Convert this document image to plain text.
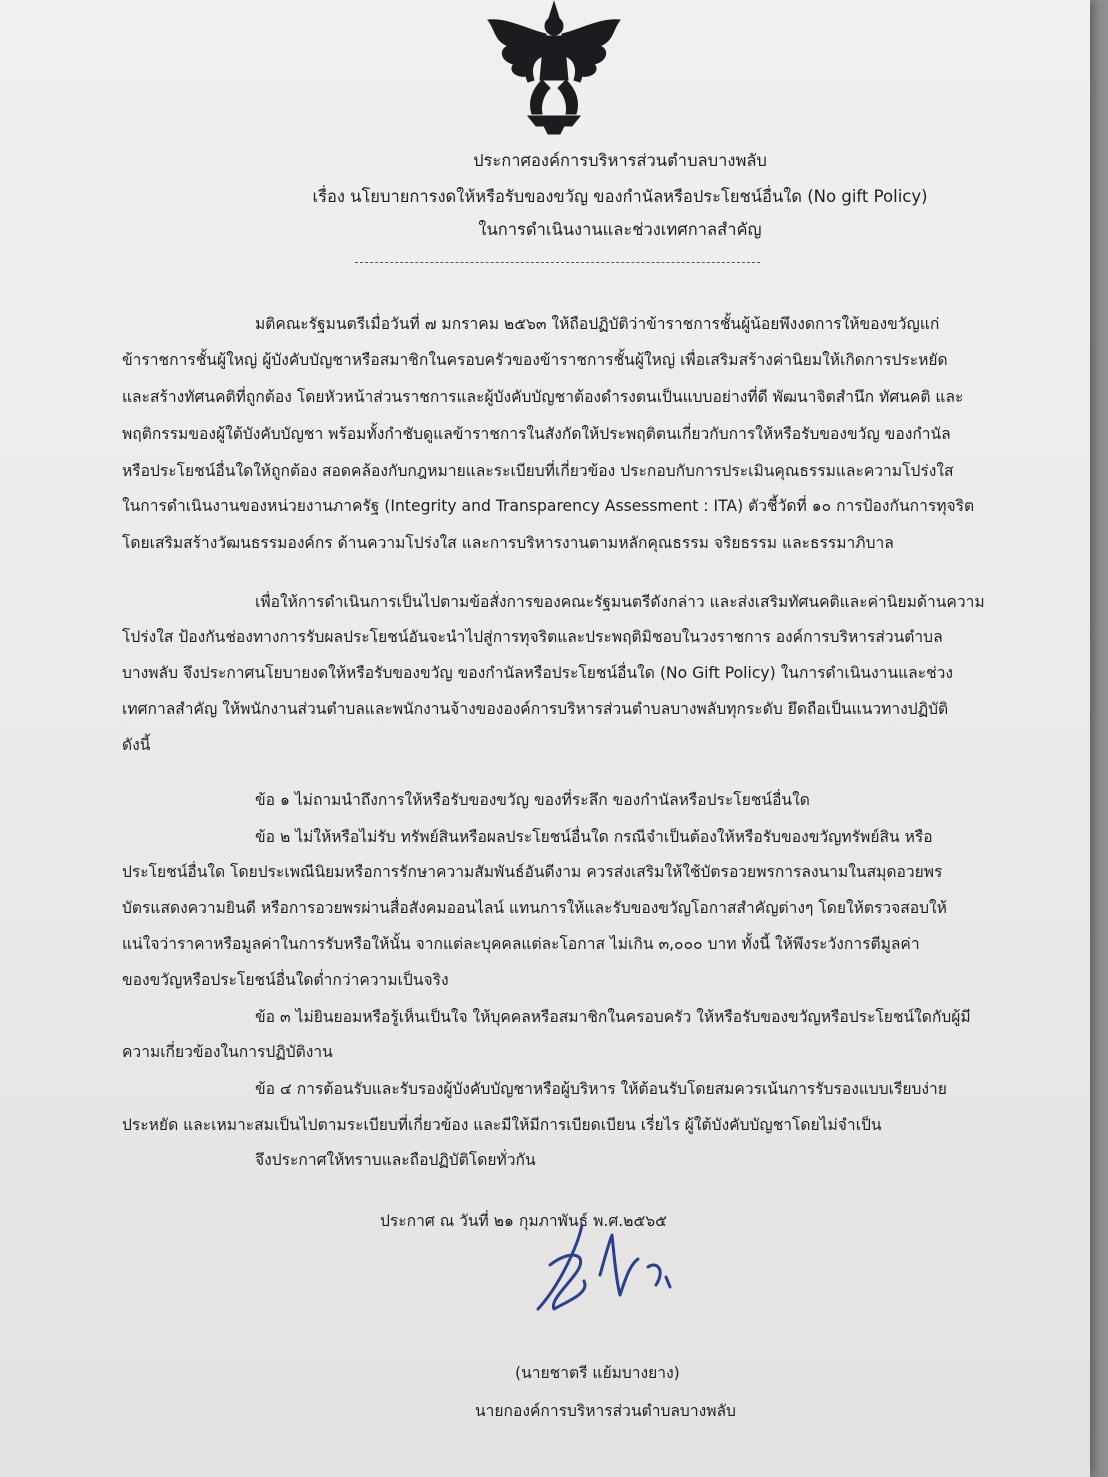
ประกาศองค์การบริหารส่วนตำบลบางพลับ
เรื่อง นโยบายการงดให้หรือรับของขวัญ ของกำนัลหรือประโยชน์อื่นใด (No gift Policy)
ในการดำเนินงานและช่วงเทศกาลสำคัญ
มติคณะรัฐมนตรีเมื่อวันที่ ๗ มกราคม ๒๕๖๓ ให้ถือปฏิบัติว่าข้าราชการชั้นผู้น้อยพึงงดการให้ของขวัญแก่
ข้าราชการชั้นผู้ใหญ่ ผู้บังคับบัญชาหรือสมาชิกในครอบครัวของข้าราชการชั้นผู้ใหญ่ เพื่อเสริมสร้างค่านิยมให้เกิดการประหยัด
และสร้างทัศนคติที่ถูกต้อง โดยหัวหน้าส่วนราชการและผู้บังคับบัญชาต้องดำรงตนเป็นแบบอย่างที่ดี พัฒนาจิตสำนึก ทัศนคติ และ
พฤติกรรมของผู้ใต้บังคับบัญชา พร้อมทั้งกำชับดูแลข้าราชการในสังกัดให้ประพฤติตนเกี่ยวกับการให้หรือรับของขวัญ ของกำนัล
หรือประโยชน์อื่นใดให้ถูกต้อง สอดคล้องกับกฎหมายและระเบียบที่เกี่ยวข้อง ประกอบกับการประเมินคุณธรรมและความโปร่งใส
ในการดำเนินงานของหน่วยงานภาครัฐ (Integrity and Transparency Assessment : ITA) ตัวชี้วัดที่ ๑๐ การป้องกันการทุจริต
โดยเสริมสร้างวัฒนธรรมองค์กร ด้านความโปร่งใส และการบริหารงานตามหลักคุณธรรม จริยธรรม และธรรมาภิบาล
เพื่อให้การดำเนินการเป็นไปตามข้อสั่งการของคณะรัฐมนตรีดังกล่าว และส่งเสริมทัศนคติและค่านิยมด้านความ
โปร่งใส ป้องกันช่องทางการรับผลประโยชน์อันจะนำไปสู่การทุจริตและประพฤติมิชอบในวงราชการ องค์การบริหารส่วนตำบล
บางพลับ จึงประกาศนโยบายงดให้หรือรับของขวัญ ของกำนัลหรือประโยชน์อื่นใด (No Gift Policy) ในการดำเนินงานและช่วง
เทศกาลสำคัญ ให้พนักงานส่วนตำบลและพนักงานจ้างขององค์การบริหารส่วนตำบลบางพลับทุกระดับ ยึดถือเป็นแนวทางปฏิบัติ
ดังนี้
ข้อ ๑ ไม่ถามนำถึงการให้หรือรับของขวัญ ของที่ระลึก ของกำนัลหรือประโยชน์อื่นใด
ข้อ ๒ ไม่ให้หรือไม่รับ ทรัพย์สินหรือผลประโยชน์อื่นใด กรณีจำเป็นต้องให้หรือรับของขวัญทรัพย์สิน หรือ
ประโยชน์อื่นใด โดยประเพณีนิยมหรือการรักษาความสัมพันธ์อันดีงาม ควรส่งเสริมให้ใช้บัตรอวยพรการลงนามในสมุดอวยพร
บัตรแสดงความยินดี หรือการอวยพรผ่านสื่อสังคมออนไลน์ แทนการให้และรับของขวัญโอกาสสำคัญต่างๆ โดยให้ตรวจสอบให้
แน่ใจว่าราคาหรือมูลค่าในการรับหรือให้นั้น จากแต่ละบุคคลแต่ละโอกาส ไม่เกิน ๓,๐๐๐ บาท ทั้งนี้ ให้พึงระวังการตีมูลค่า
ของขวัญหรือประโยชน์อื่นใดต่ำกว่าความเป็นจริง
ข้อ ๓ ไม่ยินยอมหรือรู้เห็นเป็นใจ ให้บุคคลหรือสมาชิกในครอบครัว ให้หรือรับของขวัญหรือประโยชน์ใดกับผู้มี
ความเกี่ยวข้องในการปฏิบัติงาน
ข้อ ๔ การต้อนรับและรับรองผู้บังคับบัญชาหรือผู้บริหาร ให้ต้อนรับโดยสมควรเน้นการรับรองแบบเรียบง่าย
ประหยัด และเหมาะสมเป็นไปตามระเบียบที่เกี่ยวข้อง และมีให้มีการเบียดเบียน เรี่ยไร ผู้ใต้บังคับบัญชาโดยไม่จำเป็น
จึงประกาศให้ทราบและถือปฏิบัติโดยทั่วกัน
ประกาศ ณ วันที่ ๒๑ กุมภาพันธ์ พ.ศ.๒๕๖๕
(นายชาตรี แย้มบางยาง)
นายกองค์การบริหารส่วนตำบลบางพลับ
